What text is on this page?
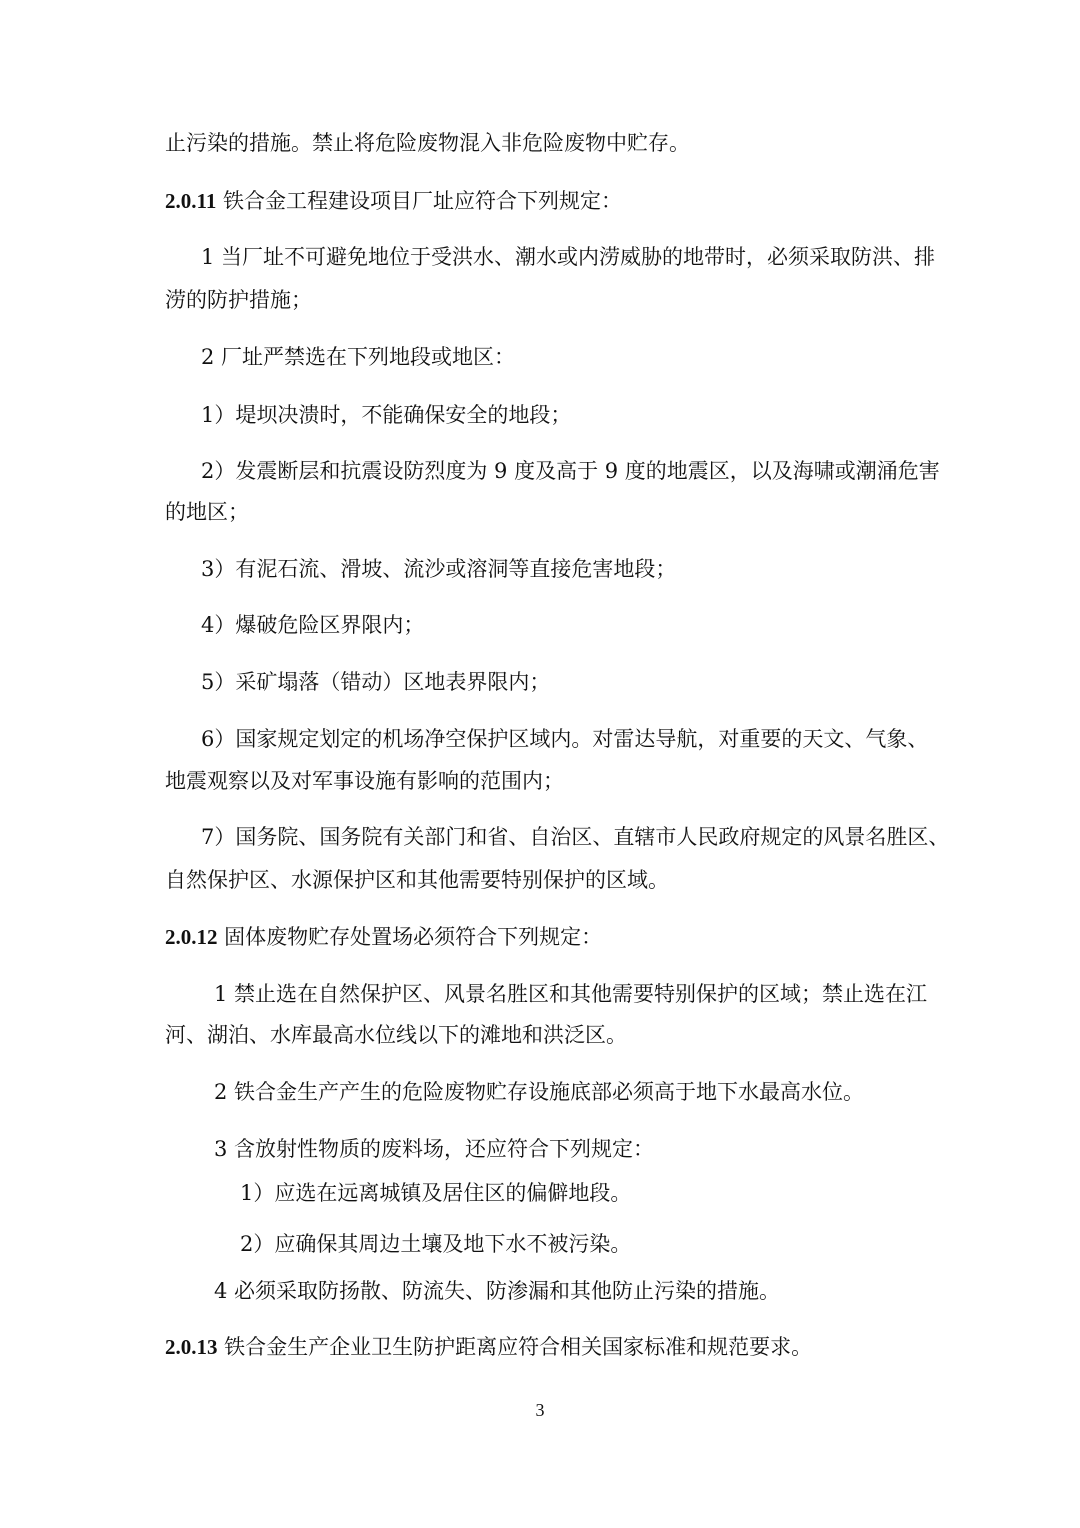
止污染的措施。禁止将危险废物混入非危险废物中贮存。
2.0.11 铁合金工程建设项目厂址应符合下列规定：
1 当厂址不可避免地位于受洪水、潮水或内涝威胁的地带时，必须采取防洪、排
涝的防护措施；
2 厂址严禁选在下列地段或地区：
1）堤坝决溃时，不能确保安全的地段；
2）发震断层和抗震设防烈度为 9 度及高于 9 度的地震区，以及海啸或潮涌危害
的地区；
3）有泥石流、滑坡、流沙或溶洞等直接危害地段；
4）爆破危险区界限内；
5）采矿塌落（错动）区地表界限内；
6）国家规定划定的机场净空保护区域内。对雷达导航，对重要的天文、气象、
地震观察以及对军事设施有影响的范围内；
7）国务院、国务院有关部门和省、自治区、直辖市人民政府规定的风景名胜区、
自然保护区、水源保护区和其他需要特别保护的区域。
2.0.12 固体废物贮存处置场必须符合下列规定：
1 禁止选在自然保护区、风景名胜区和其他需要特别保护的区域；禁止选在江
河、湖泊、水库最高水位线以下的滩地和洪泛区。
2 铁合金生产产生的危险废物贮存设施底部必须高于地下水最高水位。
3 含放射性物质的废料场，还应符合下列规定：
1）应选在远离城镇及居住区的偏僻地段。
2）应确保其周边土壤及地下水不被污染。
4 必须采取防扬散、防流失、防渗漏和其他防止污染的措施。
2.0.13 铁合金生产企业卫生防护距离应符合相关国家标准和规范要求。
3
